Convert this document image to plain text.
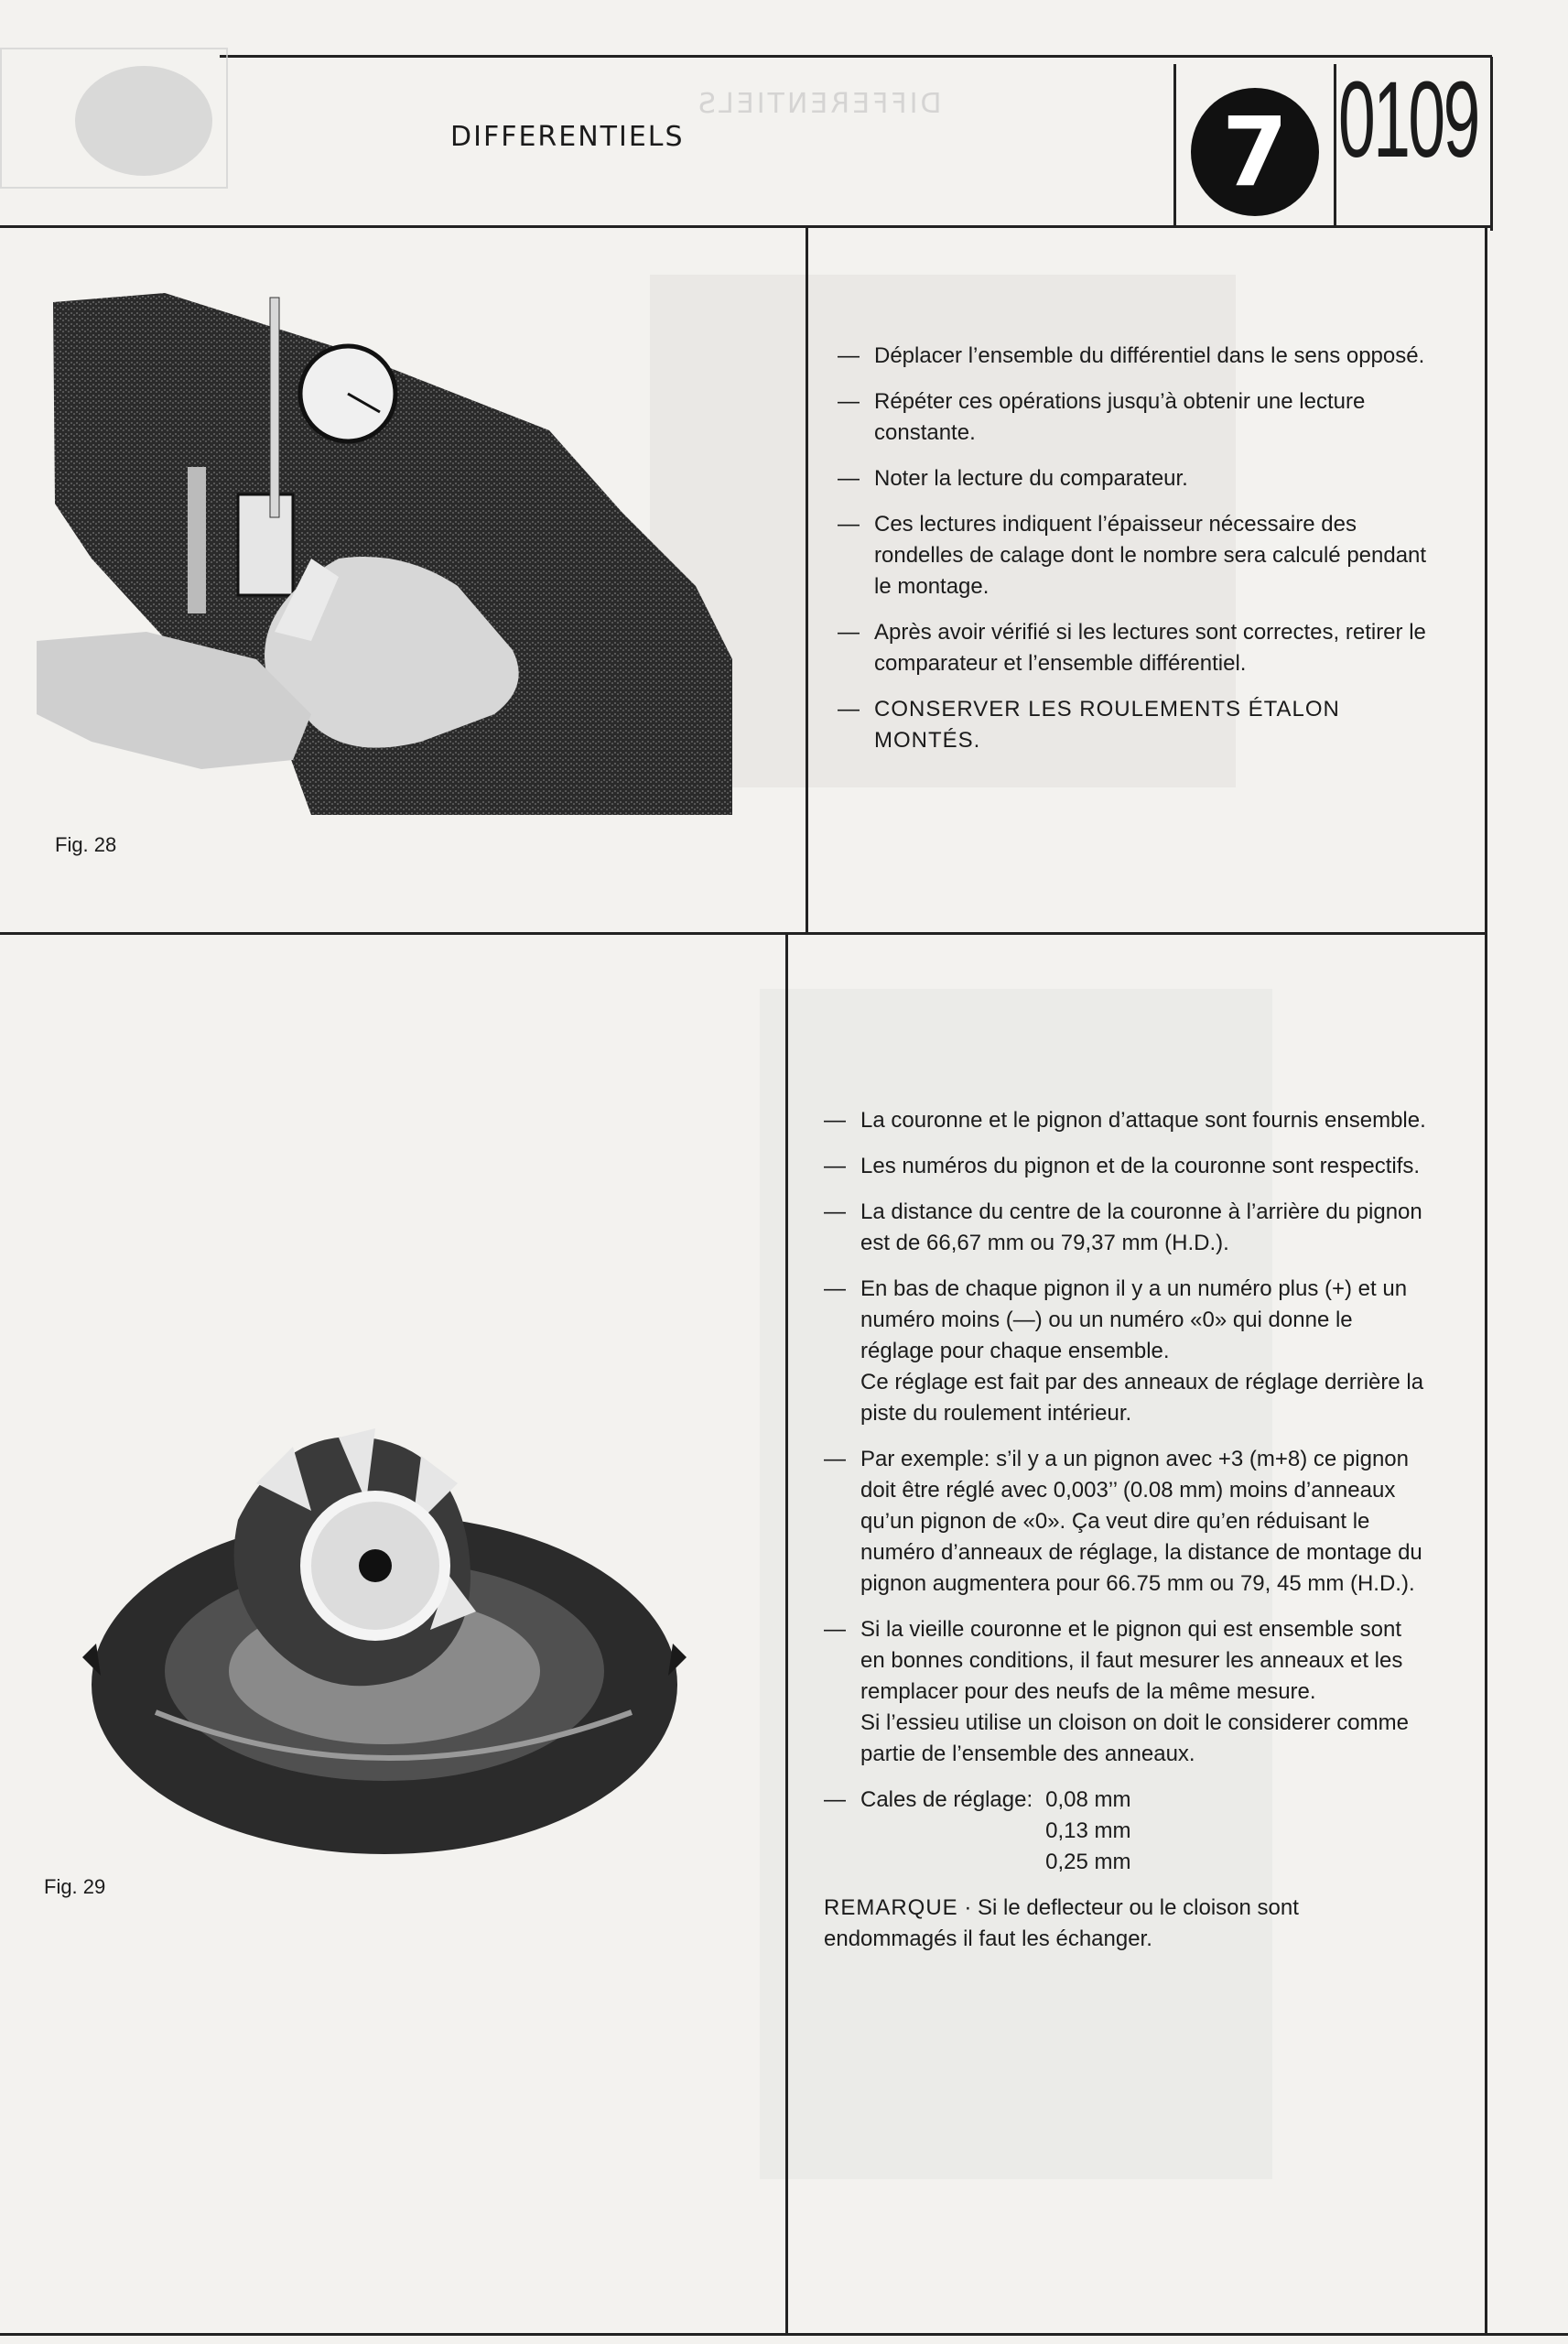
DIFFERENTIELS
DIFFERENTIELS	7 0109
Fig. 28
Fig. 29
— Déplacer l’ensemble du différentiel dans le sens opposé.

— Répéter ces opérations jusqu’à obtenir une lecture constante.

— Noter la lecture du comparateur.

— Ces lectures indiquent l’épaisseur nécessaire des rondelles de calage dont le nombre sera calculé pendant le montage.

— Après avoir vérifié si les lectures sont correctes, retirer le comparateur et l’ensemble différentiel.

— CONSERVER LES ROULEMENTS ÉTALON MONTÉS.

— La couronne et le pignon d’attaque sont fournis ensemble.

— Les numéros du pignon et de la couronne sont respectifs.

— La distance du centre de la couronne à l’arrière du pignon est de 66,67 mm ou 79,37 mm (H.D.).

— En bas de chaque pignon il y a un numéro plus (+) et un numéro moins (—) ou un numéro «0» qui donne le réglage pour chaque ensemble.

Ce réglage est fait par des anneaux de réglage derrière la piste du roulement intérieur.

— Par exemple: s’il y a un pignon avec +3 (m+8) ce pignon doit être réglé avec 0,003’’ (0.08 mm) moins d’anneaux qu’un pignon de «0». Ça veut dire qu’en réduisant le numéro d’anneaux de réglage, la distance de montage du pignon augmentera pour 66.75 mm ou 79, 45 mm (H.D.).

— Si la vieille couronne et le pignon qui est ensemble sont en bonnes conditions, il faut mesurer les anneaux et les remplacer pour des neufs de la même mesure.

Si l’essieu utilise un cloison on doit le considerer comme partie de l’ensemble des anneaux.

— Cales de réglage: 0,08 mm
0,13 mm
0,25 mm
REMARQUE · Si le deflecteur ou le cloison sont endommagés il faut les échanger.
